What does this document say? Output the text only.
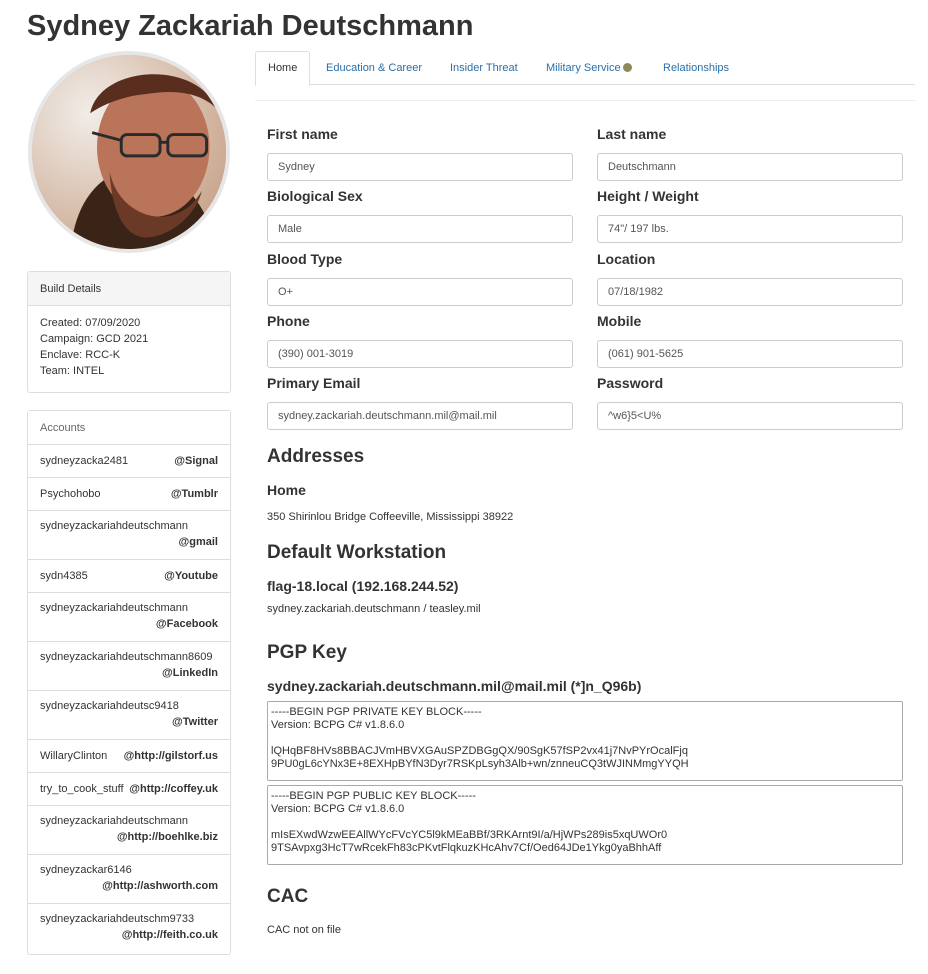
Sydney Zackariah Deutschmann
Build Details
Created: 07/09/2020
Campaign: GCD 2021
Enclave: RCC-K
Team: INTEL
Accounts
sydneyzacka2481	@Signal
Psychohobo	@Tumblr
sydneyzackariahdeutschmann
@gmail
sydn4385	@Youtube
sydneyzackariahdeutschmann
@Facebook
sydneyzackariahdeutschmann8609
@LinkedIn
sydneyzackariahdeutsc9418
@Twitter
WillaryClinton @http://gilstorf.us
try_to_cook_stuff @http://coffey.uk
sydneyzackariahdeutschmann
@http://boehlke.biz
sydneyzackar6146
@http://ashworth.com
sydneyzackariahdeutschm9733
@http://feith.co.uk
Home	Education & Career	Insider Threat	Military Service	Relationships
First name	Last name
Sydney
Deutschmann
Biological Sex	Height / Weight
Male
74"/ 197 lbs.
Blood Type	Location
O+
07/18/1982
Phone	Mobile
(390) 001-3019
(061) 901-5625
Primary Email	Password
sydney.zackariah.deutschmann.mil@mail.mil
^w6}5<U%
Addresses
Home
350 Shirinlou Bridge Coffeeville, Mississippi 38922
Default Workstation
flag-18.local (192.168.244.52)
sydney.zackariah.deutschmann / teasley.mil
PGP Key
sydney.zackariah.deutschmann.mil@mail.mil (*]n_Q96b)
-----BEGIN PGP PRIVATE KEY BLOCK----- Version: BCPG C# v1.8.6.0 lQHqBF8HVs8BBACJVmHBVXGAuSPZDBGgQX/90SgK57fSP2vx41j7NvPYrOcalFjq 9PU0gL6cYNx3E+8EXHpBYfN3Dyr7RSKpLsyh3Alb+wn/znneuCQ3tWJINMmgYYQH
-----BEGIN PGP PUBLIC KEY BLOCK----- Version: BCPG C# v1.8.6.0 mIsEXwdWzwEEAllWYcFVcYC5l9kMEaBBf/3RKArnt9I/a/HjWPs289is5xqUWOr0 9TSAvpxg3HcT7wRcekFh83cPKvtFlqkuzKHcAhv7Cf/Oed64JDe1Ykg0yaBhhAff
CAC
CAC not on file
